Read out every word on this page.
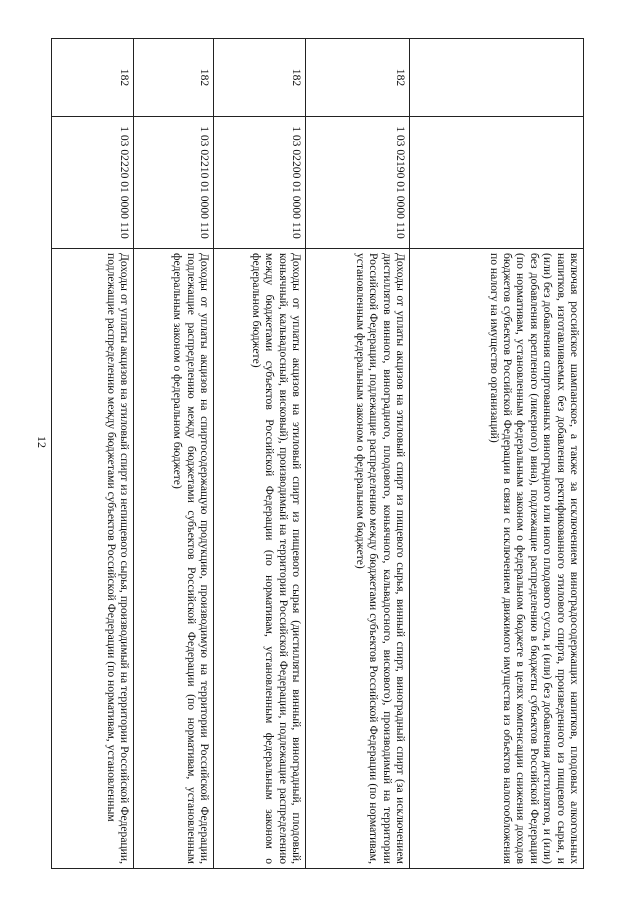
12
			включая российское шампанское, а также за исключением виноградосодержащих напитков, плодовых алкогольных напитков, изготавливаемых без добавления ректификованного этилового спирта, произведенного из пищевого сырья, и (или) без добавления спиртованных виноградного или иного плодового сусла, и (или) без добавления дистиллятов, и (или) без добавления крепленого (ликерного) вина), подлежащие распределению в бюджеты субъектов Российской Федерации (по нормативам, установленным федеральным законом о федеральном бюджете в целях компенсации снижения доходов бюджетов субъектов Российской Федерации в связи с исключением движимого имущества из объектов налогообложения по налогу на имущество организаций)
182	1 03 02190 01 0000 110	Доходы от уплаты акцизов на этиловый спирт из пищевого сырья, винный спирт, виноградный спирт (за исключением дистиллятов винного, виноградного, плодового, коньячного, кальвадосного, вискового), производимый на территории Российской Федерации, подлежащие распределению между бюджетами субъектов Российской Федерации (по нормативам, установленным федеральным законом о федеральном бюджете)
182	1 03 02200 01 0000 110	Доходы от уплаты акцизов на этиловый спирт из пищевого сырья (дистилляты винный, виноградный, плодовый, коньячный, кальвадосный, висковый), производимый на территории Российской Федерации, подлежащие распределению между бюджетами субъектов Российской Федерации (по нормативам, установленным федеральным законом о федеральном бюджете)
182	1 03 02210 01 0000 110	Доходы от уплаты акцизов на спиртосодержащую продукцию, производимую на территории Российской Федерации, подлежащие распределению между бюджетами субъектов Российской Федерации (по нормативам, установленным федеральным законом о федеральном бюджете)
182	1 03 02220 01 0000 110	Доходы от уплаты акцизов на этиловый спирт из непищевого сырья, производимый на территории Российской Федерации, подлежащие распределению между бюджетами субъектов Российской Федерации (по нормативам, установленным
